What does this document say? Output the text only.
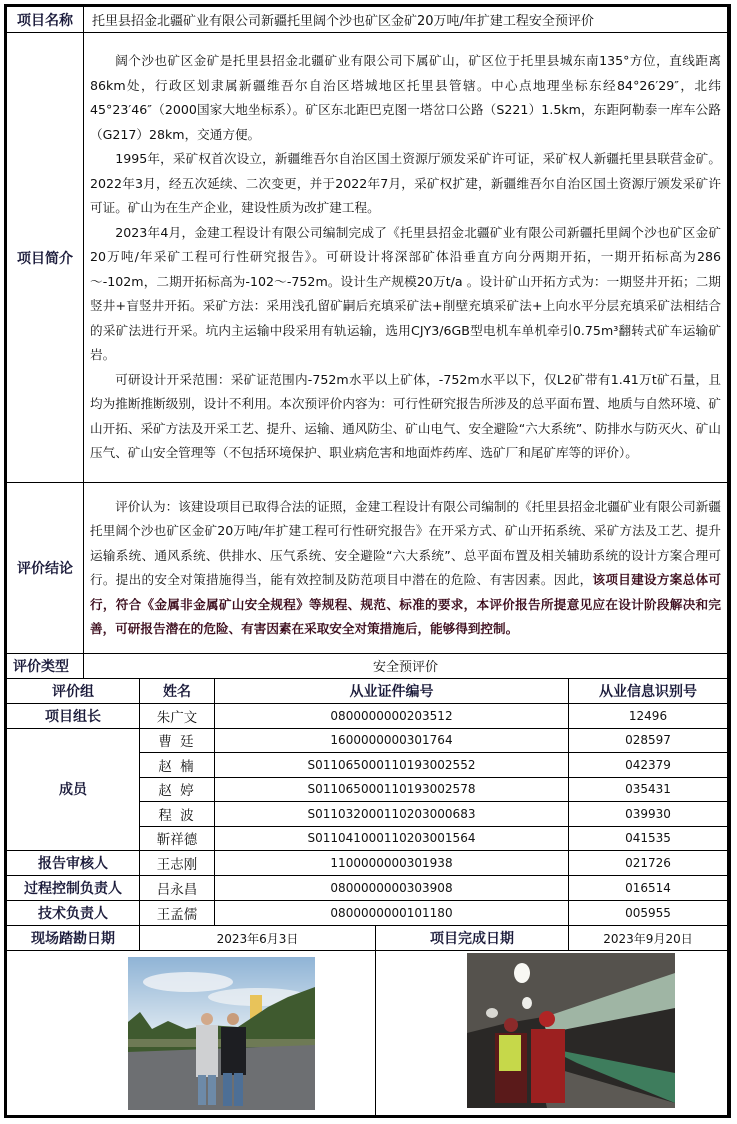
项目名称	托里县招金北疆矿业有限公司新疆托里阔个沙也矿区金矿20万吨/年扩建工程安全预评价
项目简介	阔个沙也矿区金矿是托里县招金北疆矿业有限公司下属矿山，矿区位于托里县城东南135°方位，直线距离86km处，行政区划隶属新疆维吾尔自治区塔城地区托里县管辖。中心点地理坐标东经84°26′29″，北纬45°23′46″（2000国家大地坐标系）。矿区东北距巴克图一塔岔口公路（S221）1.5km，东距阿勒泰一库车公路（G217）28km，交通方便。

1995年，采矿权首次设立，新疆维吾尔自治区国土资源厅颁发采矿许可证，采矿权人新疆托里县联营金矿。2022年3月，经五次延续、二次变更，并于2022年7月，采矿权扩建，新疆维吾尔自治区国土资源厅颁发采矿许可证。矿山为在生产企业，建设性质为改扩建工程。

2023年4月，金建工程设计有限公司编制完成了《托里县招金北疆矿业有限公司新疆托里阔个沙也矿区金矿20万吨/年采矿工程可行性研究报告》。可研设计将深部矿体沿垂直方向分两期开拓，一期开拓标高为286～-102m，二期开拓标高为-102～-752m。设计生产规模20万t/a 。设计矿山开拓方式为：一期竖井开拓；二期竖井+盲竖井开拓。采矿方法：采用浅孔留矿嗣后充填采矿法+削壁充填采矿法+上向水平分层充填采矿法相结合的采矿法进行开采。坑内主运输中段采用有轨运输，选用CJY3/6GB型电机车单机牵引0.75m³翻转式矿车运输矿岩。

可研设计开采范围：采矿证范围内-752m水平以上矿体，-752m水平以下，仅L2矿带有1.41万t矿石量，且均为推断推断级别，设计不利用。本次预评价内容为：可行性研究报告所涉及的总平面布置、地质与自然环境、矿山开拓、采矿方法及开采工艺、提升、运输、通风防尘、矿山电气、安全避险“六大系统”、防排水与防灭火、矿山压气、矿山安全管理等（不包括环境保护、职业病危害和地面炸药库、选矿厂和尾矿库等的评价）。

评价结论	评价认为：该建设项目已取得合法的证照，金建工程设计有限公司编制的《托里县招金北疆矿业有限公司新疆托里阔个沙也矿区金矿20万吨/年扩建工程可行性研究报告》在开采方式、矿山开拓系统、采矿方法及工艺、提升运输系统、通风系统、供排水、压气系统、安全避险“六大系统”、总平面布置及相关辅助系统的设计方案合理可行。提出的安全对策措施得当，能有效控制及防范项目中潜在的危险、有害因素。因此，该项目建设方案总体可行，符合《金属非金属矿山安全规程》等规程、规范、标准的要求，本评价报告所提意见应在设计阶段解决和完善，可研报告潜在的危险、有害因素在采取安全对策措施后，能够得到控制。

评价类型	安全预评价
评价组	姓名	从业证件编号	从业信息识别号
项目组长	朱广文	0800000000203512	12496
成员	曹 廷	1600000000301764	028597
	赵 楠	S011065000110193002552	042379
	赵 婷	S011065000110193002578	035431
	程 波	S011032000110203000683	039930
	靳祥德	S011041000110203001564	041535
报告审核人	王志刚	1100000000301938	021726
过程控制负责人	吕永昌	0800000000303908	016514
技术负责人	王孟儒	0800000000101180	005955
现场踏勘日期	2023年6月3日	项目完成日期	2023年9月20日
